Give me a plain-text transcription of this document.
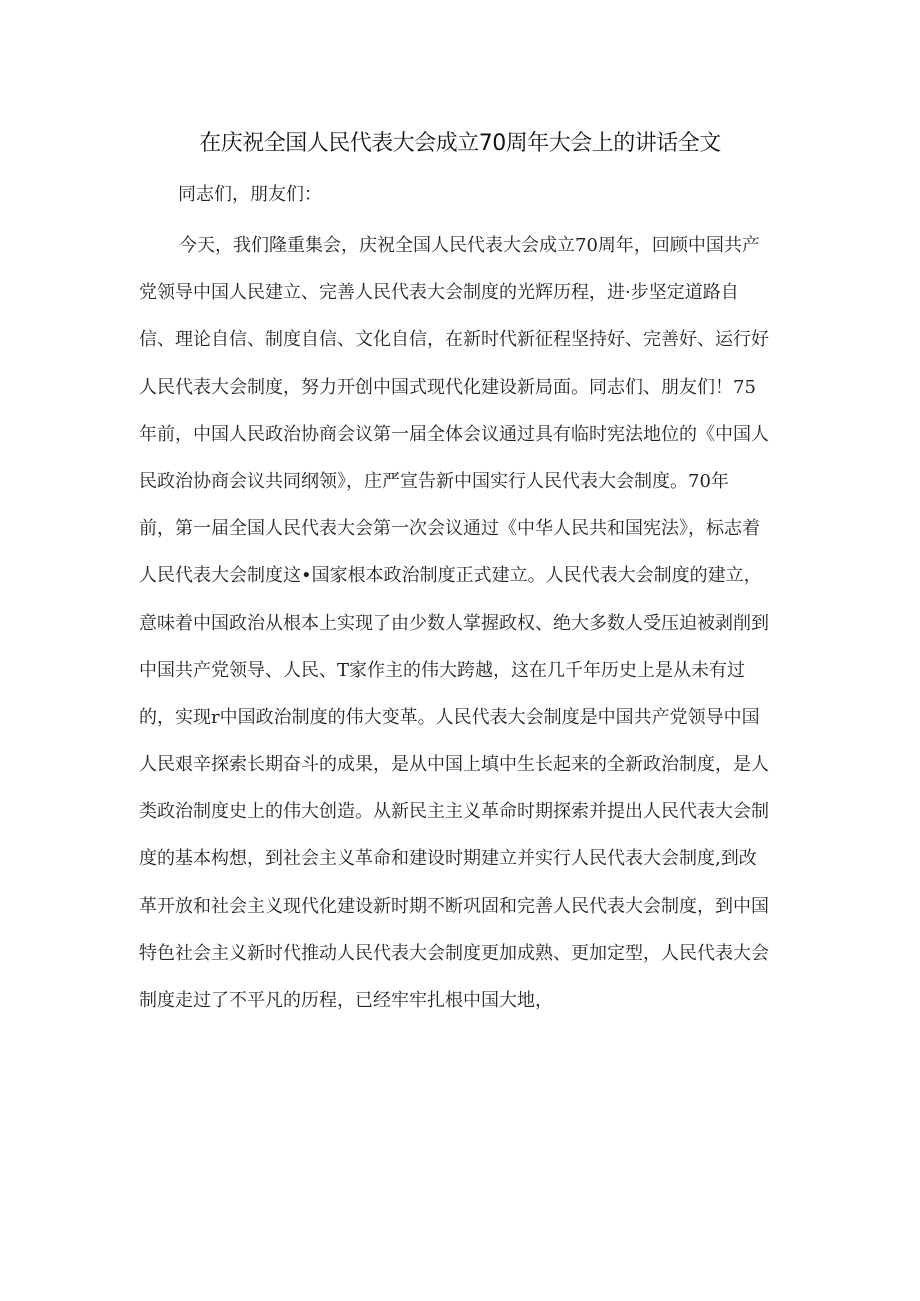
在庆祝全国人民代表大会成立70周年大会上的讲话全文
同志们，朋友们：
今天，我们隆重集会，庆祝全国人民代表大会成立70周年，回顾中国共产
党领导中国人民建立、完善人民代表大会制度的光辉历程，进·步坚定道路自
信、理论自信、制度自信、文化自信，在新时代新征程坚持好、完善好、运行好
人民代表大会制度，努力开创中国式现代化建设新局面。同志们、朋友们！75
年前，中国人民政治协商会议第一届全体会议通过具有临时宪法地位的《中国人
民政治协商会议共同纲领》，庄严宣告新中国实行人民代表大会制度。70年
前，第一届全国人民代表大会第一次会议通过《中华人民共和国宪法》，标志着
人民代表大会制度这•国家根本政治制度正式建立。人民代表大会制度的建立，
意味着中国政治从根本上实现了由少数人掌握政权、绝大多数人受压迫被剥削到
中国共产党领导、人民、T家作主的伟大跨越，这在几千年历史上是从未有过
的，实现r中国政治制度的伟大变革。人民代表大会制度是中国共产党领导中国
人民艰辛探索长期奋斗的成果，是从中国上填中生长起来的全新政治制度，是人
类政治制度史上的伟大创造。从新民主主义革命时期探索并提出人民代表大会制
度的基本构想，到社会主义革命和建设时期建立并实行人民代表大会制度,到改
革开放和社会主义现代化建设新时期不断巩固和完善人民代表大会制度，到中国
特色社会主义新时代推动人民代表大会制度更加成熟、更加定型，人民代表大会
制度走过了不平凡的历程，已经牢牢扎根中国大地，
